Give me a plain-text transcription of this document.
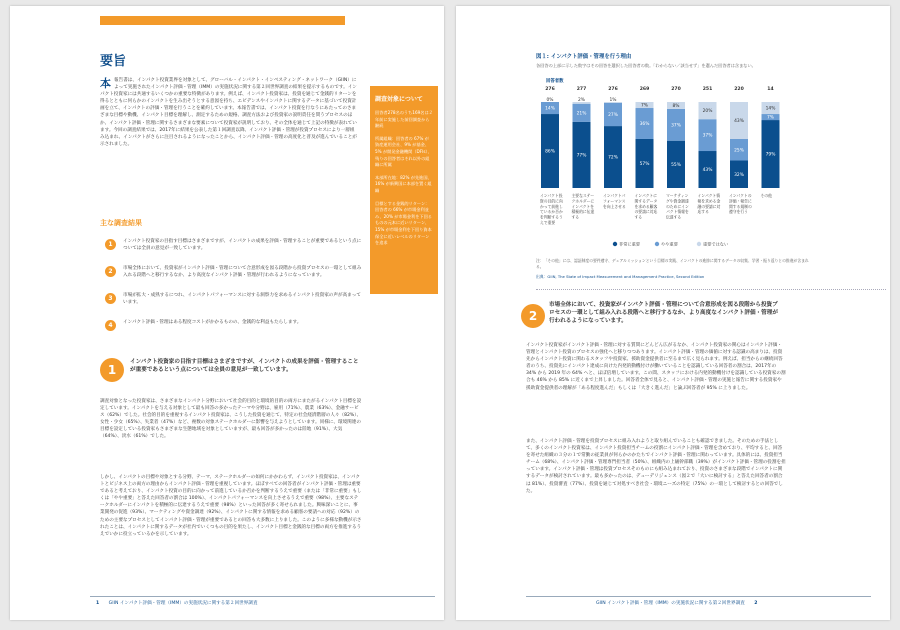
要旨
本 報告書は、インパクト投資業界を対象として、グローバル・インパクト・インベスティング・ネットワーク（GIIN）によって実施されたインパクト評価・管理（IMM）の実施状況に関する第２回世界調査の結果を提示するものです。インパクト投資家には共通するいくつかの重要な特徴があります。例えば、インパクト投資家は、投資を通じて金銭的リターンを得るとともに何らかのインパクトを生み出そうとする意図を持ち、エビデンスやインパクトに関するデータに基づいて投資計画を立て、インパクトの評価・管理を行うことを確約しています。本報告書では、インパクト投資を行なうにあたってのさまざまな目標や動機、インパクト目標を理解し、測定するための規格、調査方法および投資家の説明責任を問うプロセスのほか、インパクト評価・管理に関するさまざまな要素について投資家が説明しており、その全体を通じて上記の特徴が表れています。今回の調査結果では、2017年に結果を公表した第１回調査以降、インパクト評価・管理が投資プロセスにより一層組み込まれ、インパクトがさらに注目されるようになったことから、インパクト評価・管理の高度化と普及が進んでいることが示されました。
調査対象について
回答者278名のうち169名は２年前に実施した前回調査から継続
所属組織：回答者の 67% が資産運用会社、9% が基金、5% が開発金融機関（DFIs）、残りの回答者はそれ以外の組織に所属
本部所在地：82% が先進国、16% が新興国に本部を置く組織
目標とする金銭的リターン：回答者の 66% が市場金利並み、20% が市場金利を下回るものの元本に近いリターン、15% が市場金利を下回り資本保全に近いレベルのリターンを追求
主な調査結果
1	インパクト投資家の目指す目標はさまざまですが、インパクトの成果を評価・管理することが重要であるという点については全員の意見が一致しています。
2	市場全体において、投資家がインパクト評価・管理について合意形成を図る段階から投資プロセスの一環として組み入れる段階へと移行するなか、より高度なインパクト評価・管理が行われるようになっています。
3	市場が拡大・成熟するにつれ、インパクトパフォーマンスに対する洞察力を求めるインパクト投資家の声が高まっています。
4	インパクト評価・管理はある程度コストがかかるものの、金銭的な利益もたらします。
1
インパクト投資家の目指す目標はさまざまですが、インパクトの成果を評価・管理することが重要であるという点については全員の意見が一致しています。
調査対象となった投資家は、さまざまなインパクト分野において社会的目的と環境的目的の両方にまたがるインパクト目標を設定しています。インパクトを与える対象として最も回答の多かったテーマや分野は、雇用（71%）、農業（63%）、金融サービス（62%）でした。社会的目的を重視するインパクト投資家は、こうした投資を通じて、特定の社会経済階層の人々（82%）、女性・少女（65%）、失業者（47%）など、複数の対象ステークホルダーに影響を与えようとしています。同様に、環境関連の目標を設定している投資家もさまざまな生態地域を対象としていますが、最も回答が多かったのは陸地（91%）、大気（64%）、淡水（61%）でした。
しかし、インパクトの目標や対象とする分野、テーマ、ステークホルダーの如何にかかわらず、インパクト投資家は、インパクトとビジネス上の両方の理由からインパクト評価・管理を重視しています。ほぼすべての回答者がインパクト評価・管理は重要であると考えており、インパクト投資の目的に向かって前進しているか否かを判断するうえで重要（または「非常に重要」もしくは「やや重要」と答えた回答者の割合は 100%）、インパクトパフォーマンスを向上させるうえで重要（98%）、主要なステークホルダーにインパクトを積極的に伝達するうえで重要（98%）といった回答が多く寄せられました。興味深いことに、事業開発の促進（93%）、マーケティングや資金調達（92%）、インパクトに関する情報を求める顧客の要請への対応（92%）のための主要なプロセスとしてインパクト評価・管理が重要であるとの回答も大多数に上りました。このように多様な動機が示されたことは、インパクトに関するデータが社内でいくつもの目的を果たし、インパクト目標と金銭的な目標の両方を推進するうえでいかに役立っているかを示しています。
1 GIIN インパクト評価・管理（IMM）の実施状況に関する第２回世界調査
図１: インパクト評価・管理を行う理由
各回答の上部に示した数字はその回答を選択した回答者の数。「わからない／該当せず」を選んだ回答者は含まない。
回答者数
276
86%
14%
0%
インパクト投
資の目的に向
かって前進し
ているか否か
を判断するう
えで重要
277
77%
21%
2%
主要なステー
クホルダーに
インパクトを
積極的に伝達
する
276
72%
27%
1%
インパクトパ
フォーマンス
を向上させる
269
57%
36%
7%
インパクトに
関するデータ
を求める顧客
の要請に対応
する
270
55%
37%
8%
マーケティン
グや資金調達
のためにイン
パクト情報を
伝達する
251
43%
37%
20%
インパクト情
報を求める金
融の要請に対
応する
220
32%
25%
43%
インパクトの
評価・報告に
関する規制の
遵守を行う
14
79%
7%
14%
その他
非常に重要	やや重要	重要ではない
注：「その他」には、認証制度の要件遵守、デュアルミッションという目標の実践、インパクトの進捗に関するデータの収集、学習・振り返りとの推進が含まれる。
出典：GIIN, The State of Impact Measurement and Management Practice, Second Edition
2
市場全体において、投資家がインパクト評価・管理について合意形成を図る段階から投資プロセスの一環として組み入れる段階へと移行するなか、より高度なインパクト評価・管理が行われるようになっています。
インパクト投資家がインパクト評価・管理に対する質問にどんどん広がるなか、インパクト投資家の関心はインパクト評価・管理とインパクト投資のプロセスの強化へと移りつつあります。インパクト評価・管理の価値に対する認識の高まりは、投資先からインパクト投資に関わるスタッフや投資家、援助資金提供者に至るまで広く見られます。例えば、担当からの継続回答者のうち、投資先にインパクト達成に向けた内発的動機付けが働いていることを認識している回答者の割合は、2017年の 34% から 2019 年の 64% へと、ほぼ倍増しています。この間、スタッフにおける内発的動機付けを認識している投資家の割合も 46% から 85% に近くまで上昇しました。回答者全体で見ると、インパクト評価・管理の実施と報告に関する投資家や援助資金提供者の理解が「ある程度進んだ」もしくは「大きく進んだ」と論ぶ回答者が 95% に上りました。
また、インパクト評価・管理を投資プロセスに組み入れようと取り組んでいることも確認できました。そのための手法として、多くのインパクト投資家は、インパクト投資担当チームの役割にインパクト評価・管理を含めており、平均すると、回答を寄せた組織の３分の１で常勤の従業員が何らかのかたちでインパクト評価・管理に関わっています。具体的には、投資担当チーム（68%）、インパクト評価・管理専門担当者（50%）、組織内の上級幹部職（39%）がインパクト評価・管理の役割を担っています。インパクト評価・管理は投資プロセスそのものにも組み込まれており、投資のさまざまな段階でインパクトに関するデータが検討されています。最も多かったのは、デューデリジェンス（図２で「大いに検討する」と答えた回答者の割合は 81%）、投資審査（77%）、投資を通じて対処すべき社会・環境ニーズの特定（75%）の一環として検討するとの回答でした。
GIIN インパクト評価・管理（IMM）の実施状況に関する第２回世界調査 2
